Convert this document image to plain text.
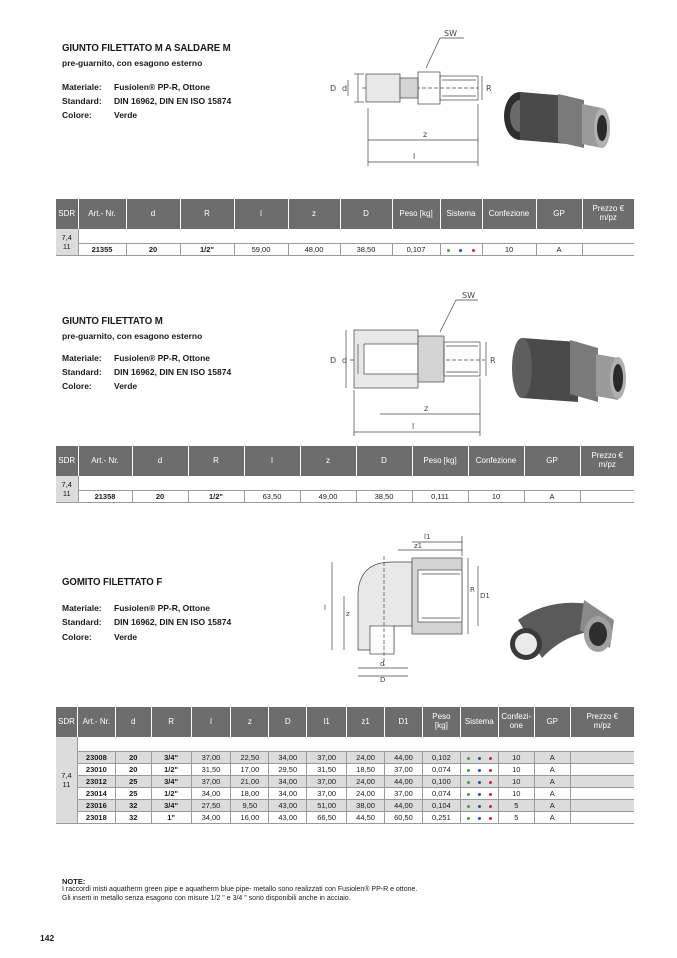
GIUNTO FILETTATO M A SALDARE M
pre-guarnito, con esagono esterno
Materiale:	Fusiolen® PP-R, Ottone
Standard:	DIN 16962, DIN EN ISO 15874
Colore:	Verde
SW
D d	R
z
l
SDR	Art.- Nr.	d	R	l	z	D	Peso [kg]	Sistema	Confezione	GP	Prezzo €
m/pz
7,4
11											
	21355	20	1/2"	59,00	48,00	38,50	0,107		10	A	
GIUNTO FILETTATO M
pre-guarnito, con esagono esterno
Materiale:	Fusiolen® PP-R, Ottone
Standard:	DIN 16962, DIN EN ISO 15874
Colore:	Verde
SW
D d	R
z
l
SDR	Art.- Nr.	d	R	l	z	D	Peso [kg]	Confezione	GP	Prezzo €
m/pz
7,4
11										
	21358	20	1/2"	63,50	49,00	38,50	0,111	10	A	
GOMITO FILETTATO F
Materiale:	Fusiolen® PP-R, Ottone
Standard:	DIN 16962, DIN EN ISO 15874
Colore:	Verde
l1
z1
R
D1
l
z
d
D
SDR	Art.- Nr.	d	R	l	z	D	l1	z1	D1	Peso [kg]	Sistema	Confezi-
one	GP	Prezzo €
m/pz
7,4
11														
	23008	20	3/4"	37,00	22,50	34,00	37,00	24,00	44,00	0,102		10	A	
	23010	20	1/2"	31,50	17,00	29,50	31,50	18,50	37,00	0,074		10	A	
	23012	25	3/4"	37,00	21,00	34,00	37,00	24,00	44,00	0,100		10	A	
	23014	25	1/2"	34,00	18,00	34,00	37,00	24,00	37,00	0,074		10	A	
	23016	32	3/4"	27,50	9,50	43,00	51,00	38,00	44,00	0,104		5	A	
	23018	32	1"	34,00	16,00	43,00	66,50	44,50	60,50	0,251		5	A	
NOTE:
I raccordi misti aquatherm green pipe e aquatherm blue pipe- metallo sono realizzati con Fusiolen® PP-R e ottone.
Gli inserti in metallo senza esagono con misure 1/2 " e 3/4 " sono disponibili anche in acciaio.
142
